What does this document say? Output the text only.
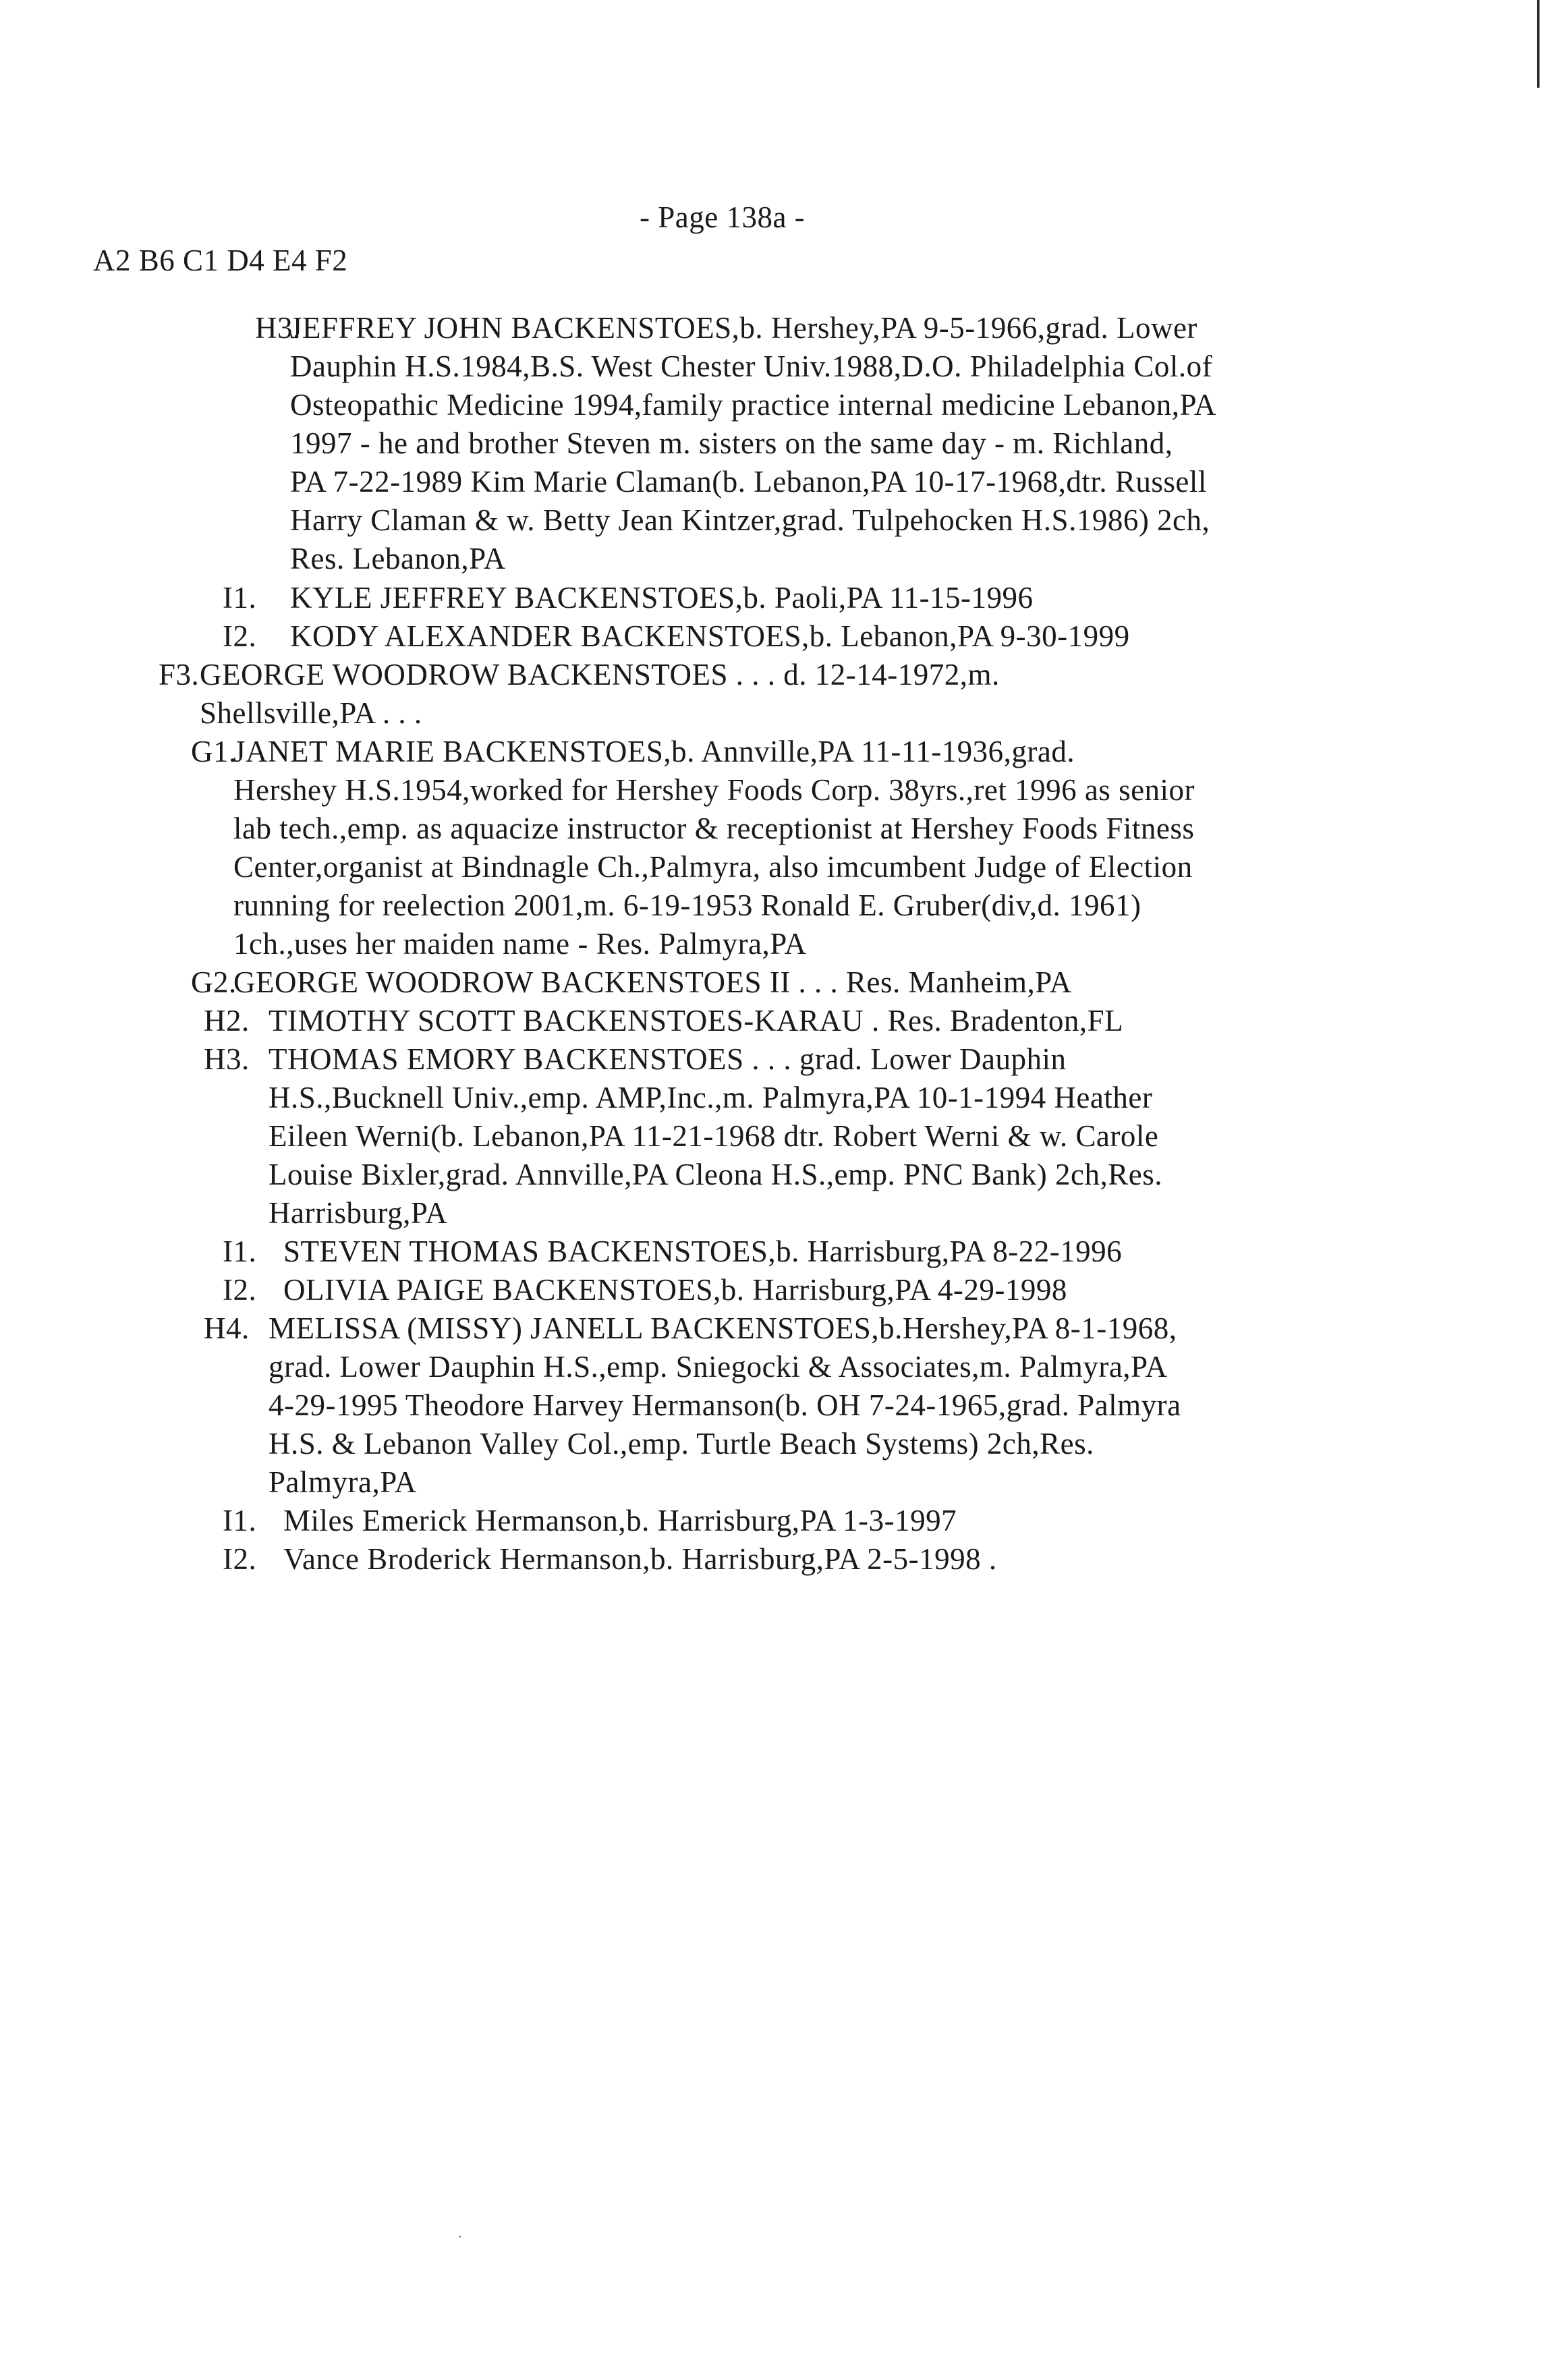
- Page 138a -
A2 B6 C1 D4 E4 F2
H3.
JEFFREY JOHN BACKENSTOES,b. Hershey,PA 9-5-1966,grad. Lower
Dauphin H.S.1984,B.S. West Chester Univ.1988,D.O. Philadelphia Col.of
Osteopathic Medicine 1994,family practice internal medicine Lebanon,PA
1997 - he and brother Steven m. sisters on the same day - m. Richland,
PA 7-22-1989 Kim Marie Claman(b. Lebanon,PA 10-17-1968,dtr. Russell
Harry Claman & w. Betty Jean Kintzer,grad. Tulpehocken H.S.1986) 2ch,
Res. Lebanon,PA
I1. KYLE JEFFREY BACKENSTOES,b. Paoli,PA 11-15-1996
I2. KODY ALEXANDER BACKENSTOES,b. Lebanon,PA 9-30-1999
F3. GEORGE WOODROW BACKENSTOES . . . d. 12-14-1972,m.
Shellsville,PA . . .
G1.
JANET MARIE BACKENSTOES,b. Annville,PA 11-11-1936,grad.
Hershey H.S.1954,worked for Hershey Foods Corp. 38yrs.,ret 1996 as senior
lab tech.,emp. as aquacize instructor & receptionist at Hershey Foods Fitness
Center,organist at Bindnagle Ch.,Palmyra, also imcumbent Judge of Election
running for reelection 2001,m. 6-19-1953 Ronald E. Gruber(div,d. 1961)
1ch.,uses her maiden name - Res. Palmyra,PA
G2.
GEORGE WOODROW BACKENSTOES II . . . Res. Manheim,PA
H2. TIMOTHY SCOTT BACKENSTOES-KARAU . Res. Bradenton,FL
H3. THOMAS EMORY BACKENSTOES . . . grad. Lower Dauphin
H.S.,Bucknell Univ.,emp. AMP,Inc.,m. Palmyra,PA 10-1-1994 Heather
Eileen Werni(b. Lebanon,PA 11-21-1968 dtr. Robert Werni & w. Carole
Louise Bixler,grad. Annville,PA Cleona H.S.,emp. PNC Bank) 2ch,Res.
Harrisburg,PA
I1. STEVEN THOMAS BACKENSTOES,b. Harrisburg,PA 8-22-1996
I2. OLIVIA PAIGE BACKENSTOES,b. Harrisburg,PA 4-29-1998
H4. MELISSA (MISSY) JANELL BACKENSTOES,b.Hershey,PA 8-1-1968,
grad. Lower Dauphin H.S.,emp. Sniegocki & Associates,m. Palmyra,PA
4-29-1995 Theodore Harvey Hermanson(b. OH 7-24-1965,grad. Palmyra
H.S. & Lebanon Valley Col.,emp. Turtle Beach Systems) 2ch,Res.
Palmyra,PA
I1. Miles Emerick Hermanson,b. Harrisburg,PA 1-3-1997
I2. Vance Broderick Hermanson,b. Harrisburg,PA 2-5-1998 .
